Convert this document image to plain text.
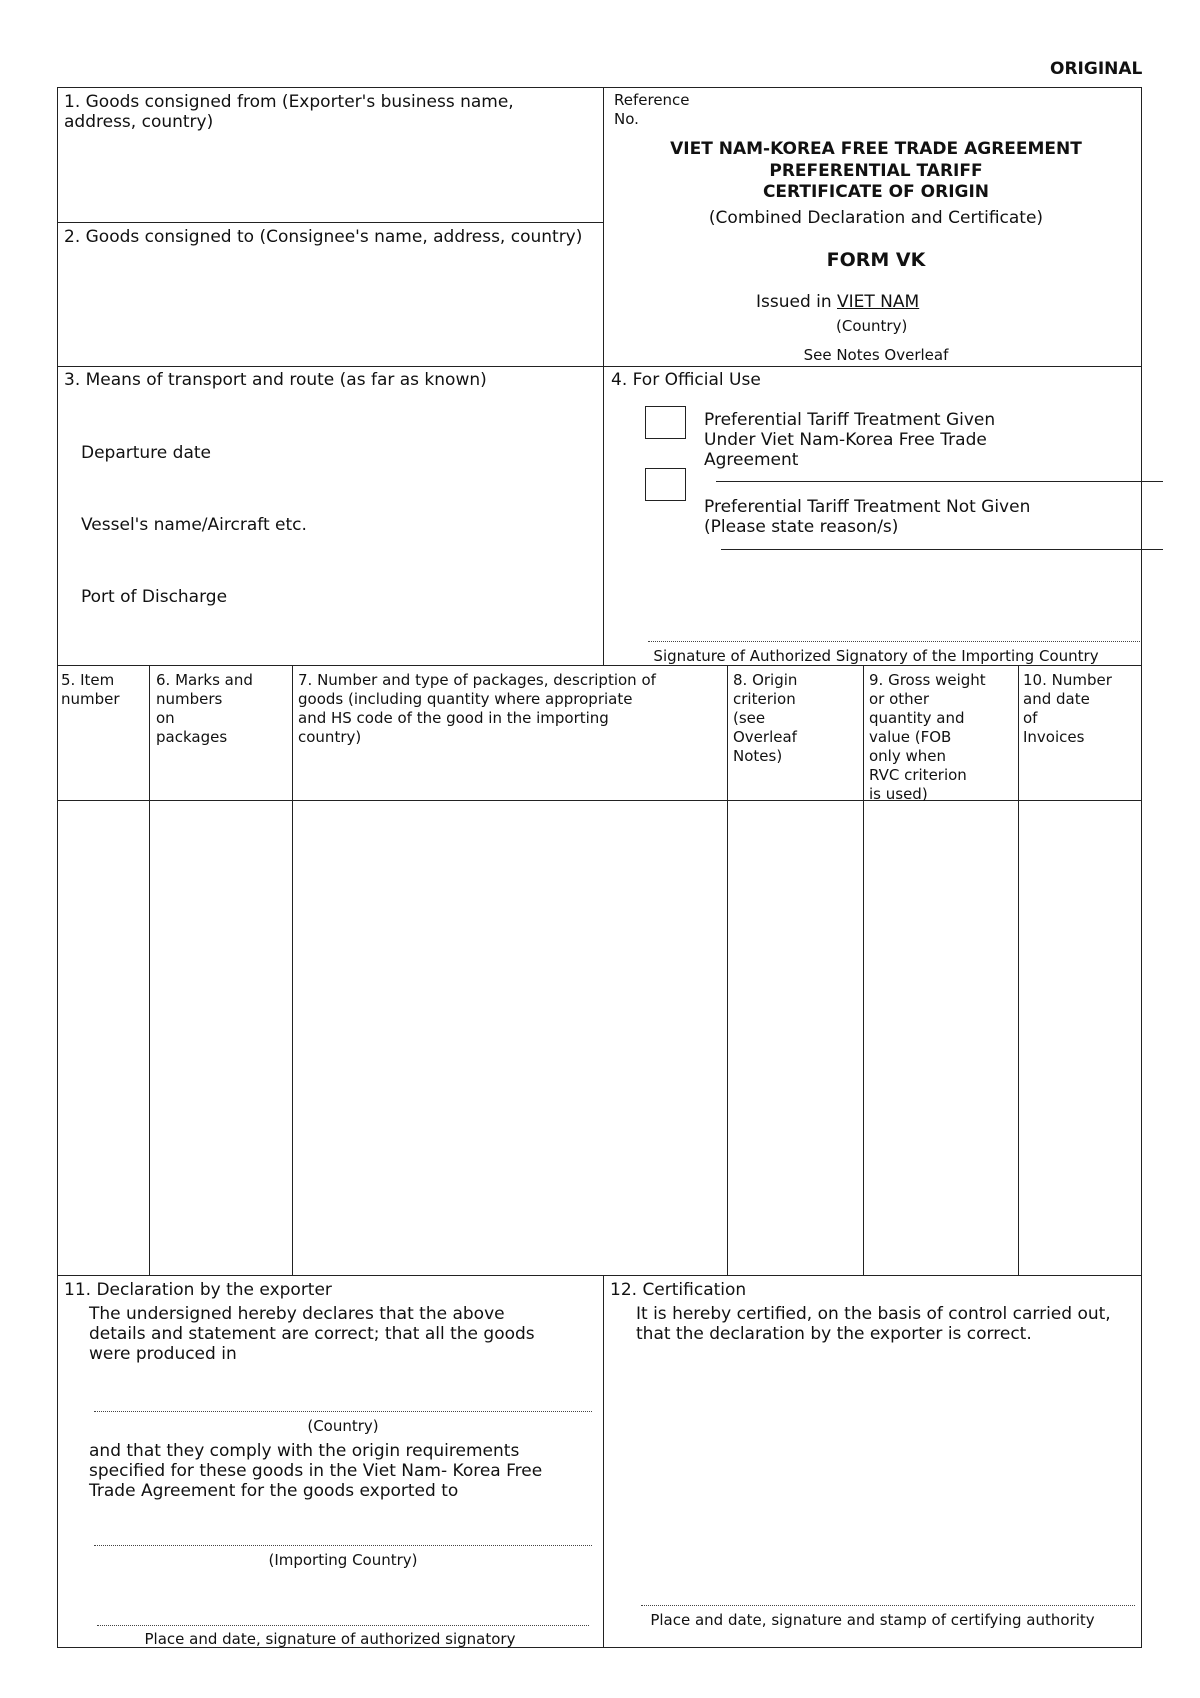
ORIGINAL
1. Goods consigned from (Exporter's business name,
address, country)
2. Goods consigned to (Consignee's name, address, country)
Reference
No.
VIET NAM-KOREA FREE TRADE AGREEMENT
PREFERENTIAL TARIFF
CERTIFICATE OF ORIGIN
(Combined Declaration and Certificate)
FORM VK
Issued in VIET NAM
(Country)
See Notes Overleaf
3. Means of transport and route (as far as known)
Departure date
Vessel's name/Aircraft etc.
Port of Discharge
4. For Official Use
Preferential Tariff Treatment Given
Under Viet Nam-Korea Free Trade
Agreement
Preferential Tariff Treatment Not Given
(Please state reason/s)
Signature of Authorized Signatory of the Importing Country
5. Item
number
6. Marks and
numbers
on
packages
7. Number and type of packages, description of
goods (including quantity where appropriate
and HS code of the good in the importing
country)
8. Origin
criterion
(see
Overleaf
Notes)
9. Gross weight
or other
quantity and
value (FOB
only when
RVC criterion
is used)
10. Number
and date
of
Invoices
11. Declaration by the exporter
The undersigned hereby declares that the above
details and statement are correct; that all the goods
were produced in
(Country)
and that they comply with the origin requirements
specified for these goods in the Viet Nam- Korea Free
Trade Agreement for the goods exported to
(Importing Country)
Place and date, signature of authorized signatory
12. Certification
It is hereby certified, on the basis of control carried out,
that the declaration by the exporter is correct.
Place and date, signature and stamp of certifying authority
